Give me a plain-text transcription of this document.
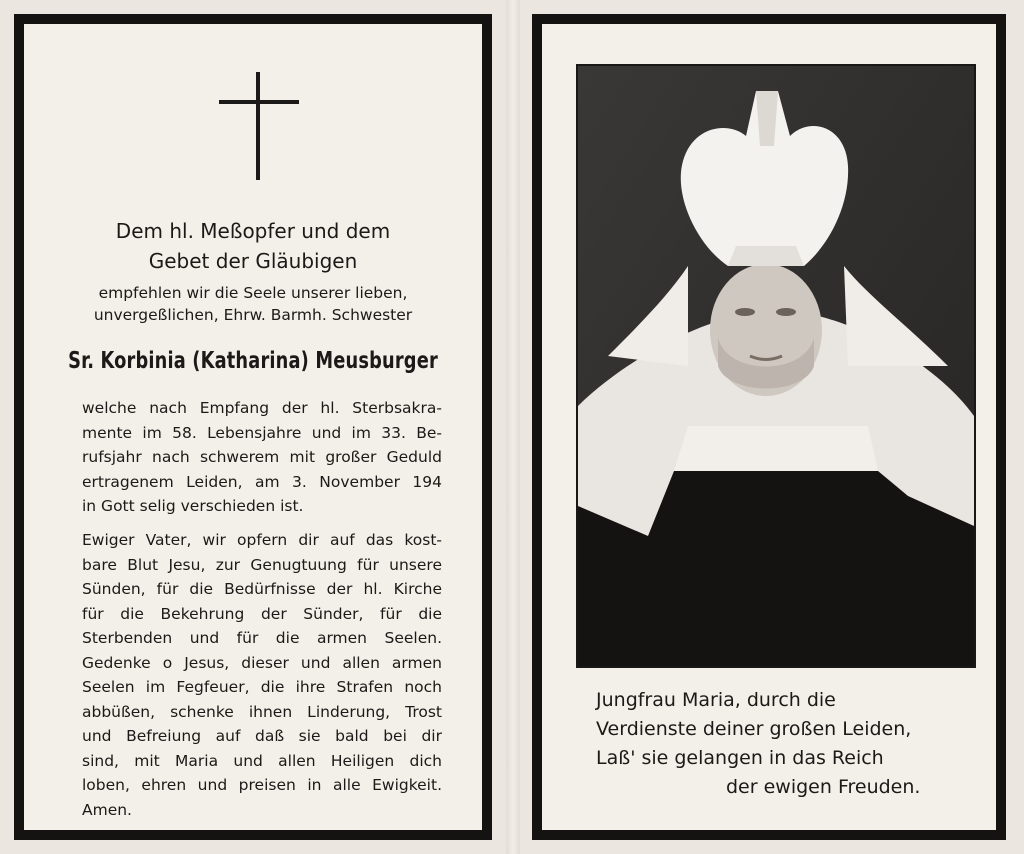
Dem hl. Meßopfer und dem
Gebet der Gläubigen
empfehlen wir die Seele unserer lieben,
unvergeßlichen, Ehrw. Barmh. Schwester
Sr. Korbinia (Katharina) Meusburger
welche nach Empfang der hl. Sterbsakra-
mente im 58. Lebensjahre und im 33. Be-
rufsjahr nach schwerem mit großer Geduld
ertragenem Leiden, am 3. November 194
in Gott selig verschieden ist.
Ewiger Vater, wir opfern dir auf das kost-
bare Blut Jesu, zur Genugtuung für unsere
Sünden, für die Bedürfnisse der hl. Kirche
für die Bekehrung der Sünder, für die
Sterbenden und für die armen Seelen.
Gedenke o Jesus, dieser und allen armen
Seelen im Fegfeuer, die ihre Strafen noch
abbüßen, schenke ihnen Linderung, Trost
und Befreiung auf daß sie bald bei dir
sind, mit Maria und allen Heiligen dich
loben, ehren und preisen in alle Ewigkeit.
Amen.
Jungfrau Maria, durch die
Verdienste deiner großen Leiden,
Laß' sie gelangen in das Reich
der ewigen Freuden.
